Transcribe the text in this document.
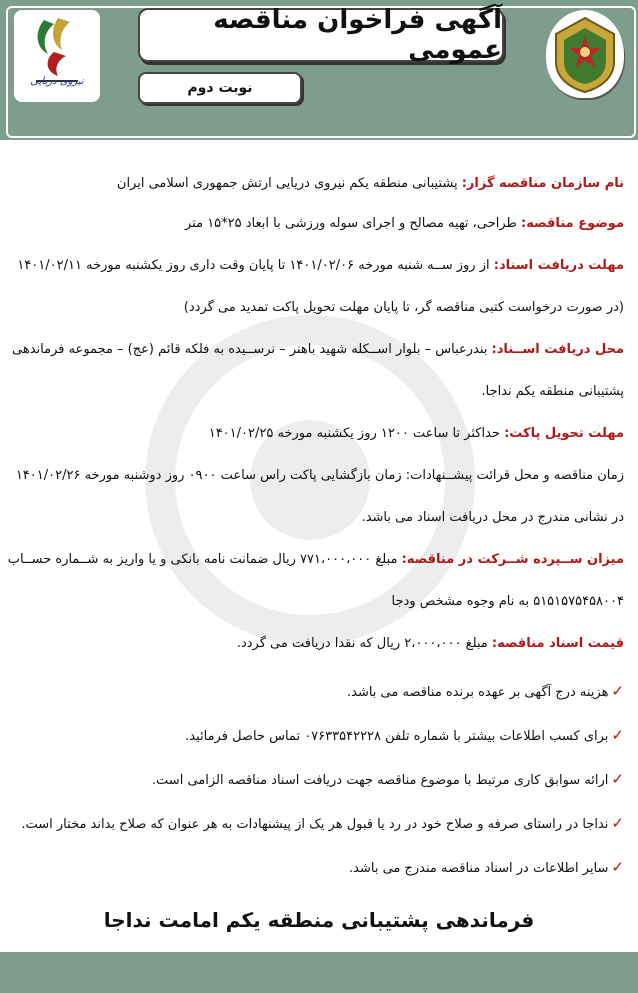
نیروی دریایی
آگهی فراخوان مناقصه عمومی
نوبت دوم
نام سازمان مناقصه گزار: پشتیبانی منطقه یکم نیروی دریایی ارتش جمهوری اسلامی ایران
موضوع مناقصه: طراحی، تهیه مصالح و اجرای سوله ورزشی با ابعاد ۲۵*۱۵ متر
مهلت دریافت اسناد: از روز ســه شنبه مورخه ۱۴۰۱/۰۲/۰۶ تا پایان وقت داری روز یکشنبه مورخه ۱۴۰۱/۰۲/۱۱
(در صورت درخواست کتبی مناقصه گر، تا پایان مهلت تحویل پاکت تمدید می گردد)
محل دریافت اســناد: بندرعباس – بلوار اســکله شهید باهنر – نرســیده به فلکه قائم (عج) – مجموعه فرماندهی
پشتیبانی منطقه یکم نداجا.
مهلت تحویل پاکت: حداکثر تا ساعت ۱۲۰۰ روز یکشنبه مورخه ۱۴۰۱/۰۲/۲۵
زمان مناقصه و محل قرائت پیشــنهادات: زمان بازگشایی پاکت راس ساعت ۰۹۰۰ روز دوشنبه مورخه ۱۴۰۱/۰۲/۲۶
در نشانی مندرج در محل دریافت اسناد می باشد.
میزان ســپرده شــرکت در مناقصه: مبلغ ۷۷۱،۰۰۰،۰۰۰ ریال ضمانت نامه بانکی و یا واریز به شــماره حســاب
۵۱۵۱۵۷۵۴۵۸۰۰۴ به نام وجوه مشخص ودجا
قیمت اسناد مناقصه: مبلغ ۲،۰۰۰،۰۰۰ ریال که نقدا دریافت می گردد.
✓هزینه درج آگهی بر عهده برنده مناقصه می باشد.
✓برای کسب اطلاعات بیشتر با شماره تلفن ۰۷۶۳۳۵۴۲۲۲۸ تماس حاصل فرمائید.
✓ارائه سوابق کاری مرتبط با موضوع مناقصه جهت دریافت اسناد مناقصه الزامی است.
✓نداجا در راستای صرفه و صلاح خود در رد یا قبول هر یک از پیشنهادات به هر عنوان که صلاح بداند مختار است.
✓سایر اطلاعات در اسناد مناقصه مندرج می باشد.
فرماندهی پشتیبانی منطقه یکم امامت نداجا
